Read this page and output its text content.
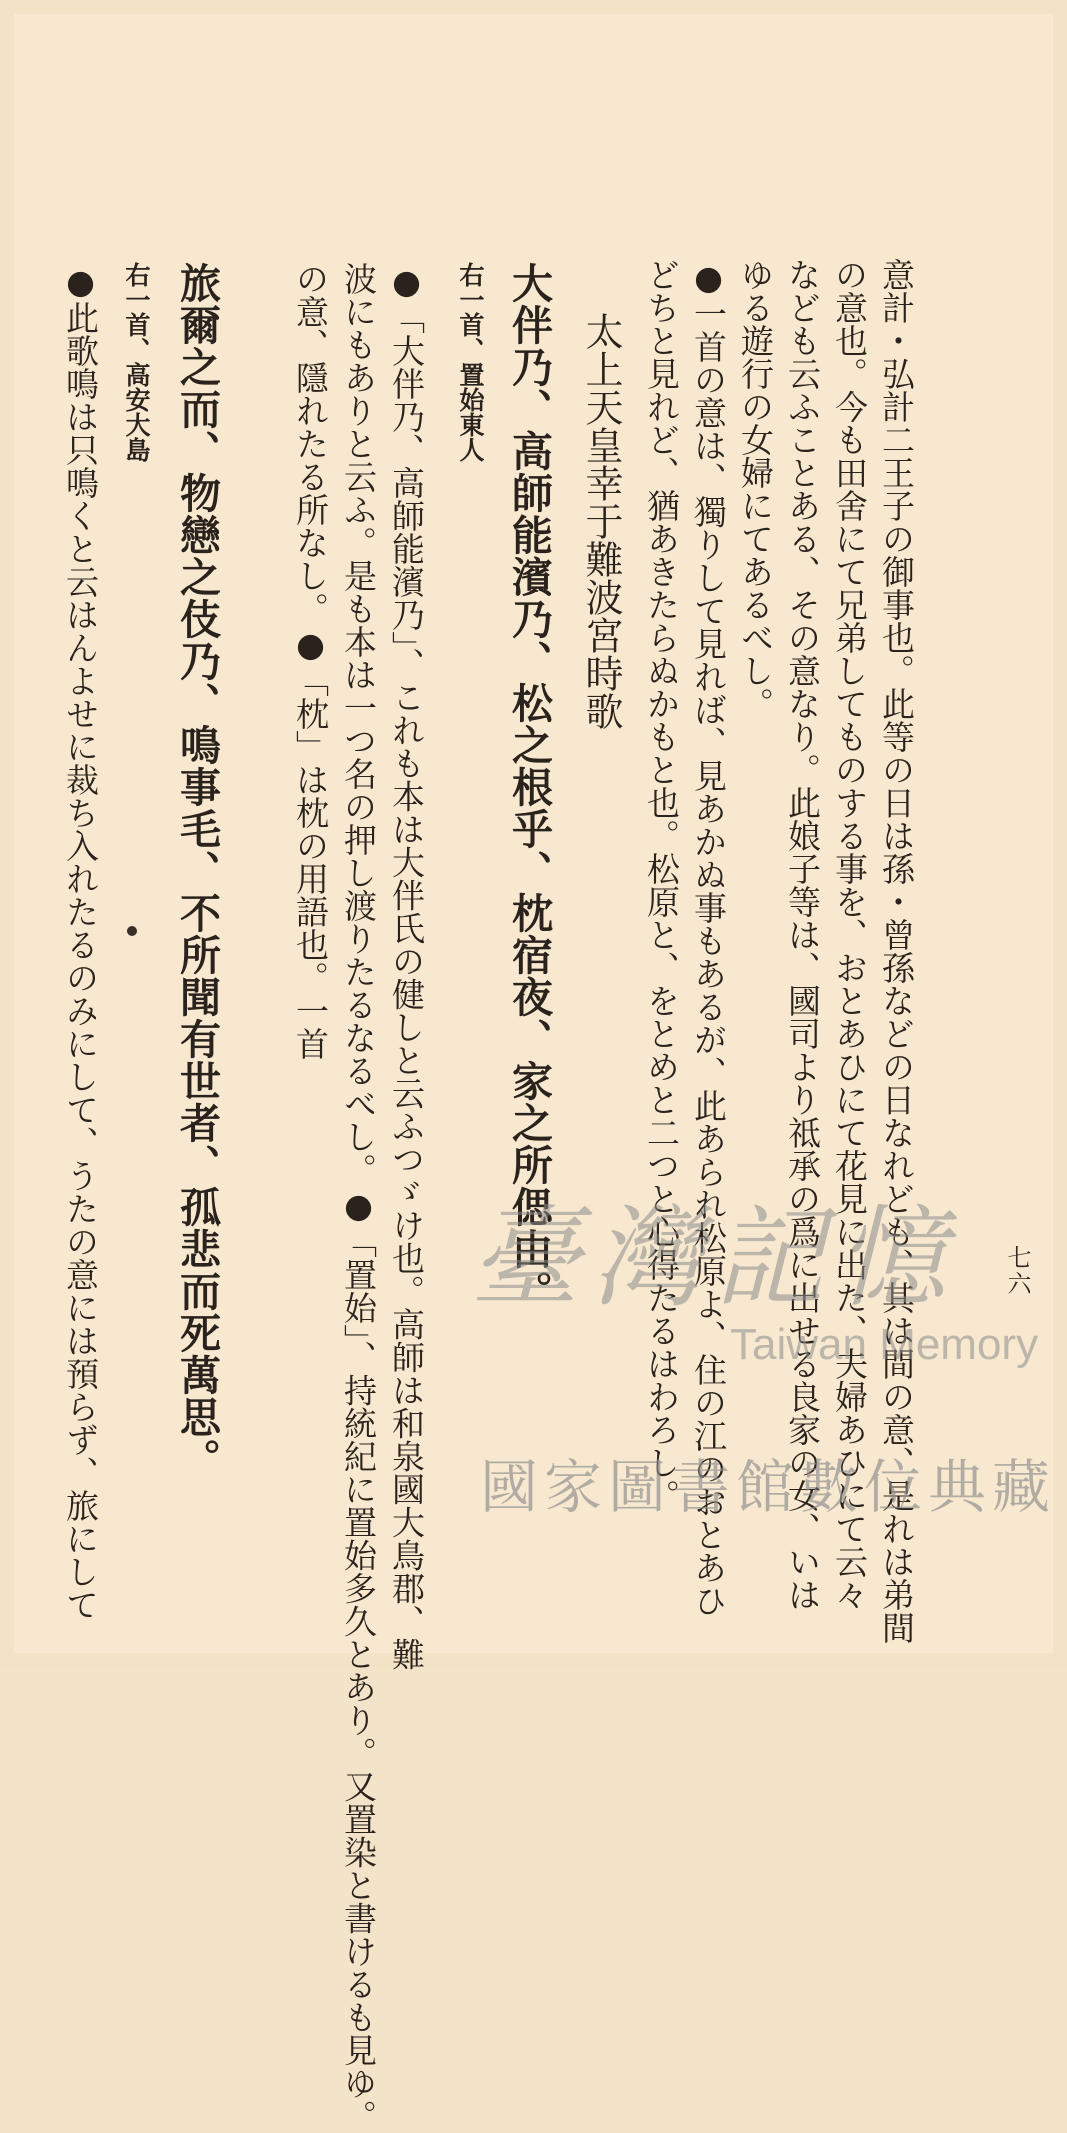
七六
意計・弘計二王子の御事也。此等の日は孫・曾孫などの日なれども、其は間の意、是れは弟間
の意也。今も田舍にて兄弟してものする事を、おとあひにて花見に出た、夫婦あひにて云々
なども云ふことある、その意なり。此娘子等は、國司より祗承の爲に出せる良家の女、いは
ゆる遊行の女婦にてあるべし。
●一首の意は、獨りして見れば、見あかぬ事もあるが、此あられ松原よ、住の江のおとあひ
どちと見れど、猶あきたらぬかもと也。松原と、をとめと二つと心得たるはわろし。
太上天皇幸于難波宮時歌
大伴乃、高師能濱乃、松之根乎、枕宿夜、家之所偲由。
右一首、置始東人
●「大伴乃、高師能濱乃」、これも本は大伴氏の健しと云ふつゞけ也。高師は和泉國大鳥郡、難
波にもありと云ふ。是も本は一つ名の押し渡りたるなるべし。●「置始」、持統紀に置始多久とあり。又置染と書けるも見ゆ。
の意、隱れたる所なし。●「枕」は枕の用語也。一首
旅爾之而、物戀之伎乃、鳴事毛、不所聞有世者、孤悲而死萬思。
右一首、高安大島
●此歌鳴は只鳴くと云はんよせに裁ち入れたるのみにして、うたの意には預らず、旅にして	臺灣記憶
Taiwan Memory
國家圖書館數位典藏
